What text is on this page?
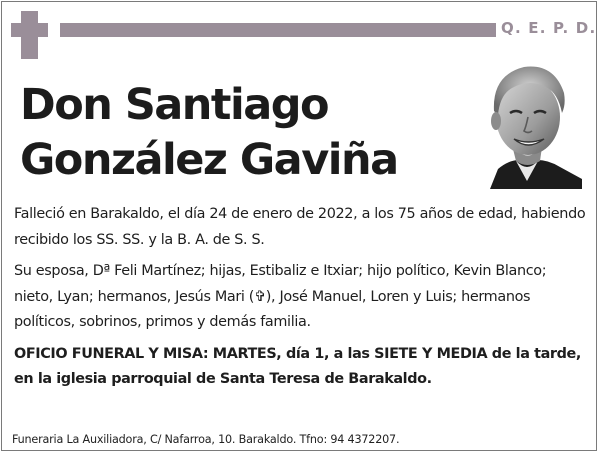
Q. E. P. D.
Don Santiago
González Gaviña

Falleció en Barakaldo, el día 24 de enero de 2022, a los 75 años de edad, habiendo recibido los SS. SS. y la B. A. de S. S.

Su esposa, Dª Feli Martínez; hijas, Estibaliz e Itxiar; hijo político, Kevin Blanco; nieto, Lyan; hermanos, Jesús Mari (✞), José Manuel, Loren y Luis; hermanos políticos, sobrinos, primos y demás familia.

OFICIO FUNERAL Y MISA: MARTES, día 1, a las SIETE Y MEDIA de la tarde, en la iglesia parroquial de Santa Teresa de Barakaldo.

Funeraria La Auxiliadora, C/ Nafarroa, 10. Barakaldo. Tfno: 94 4372207.
